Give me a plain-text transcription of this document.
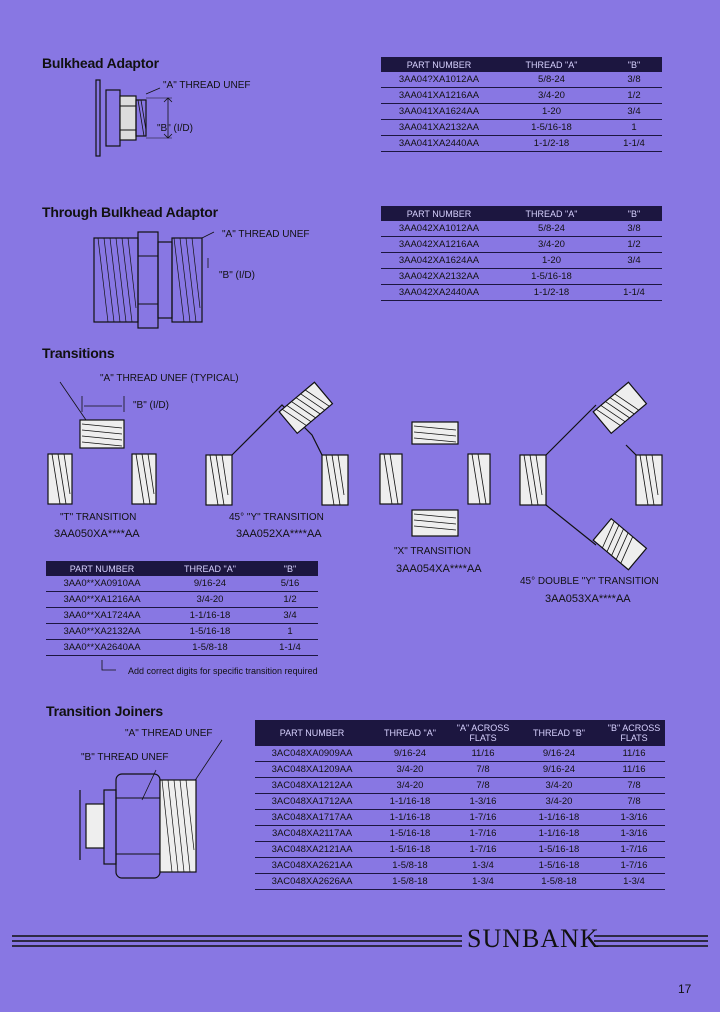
Bulkhead Adaptor
"A" THREAD UNEF
"B" (I/D)
PART NUMBER	THREAD "A"	"B"
3AA04?XA1012AA	5/8-24	3/8
3AA041XA1216AA	3/4-20	1/2
3AA041XA1624AA	1-20	3/4
3AA041XA2132AA	1-5/16-18	1
3AA041XA2440AA	1-1/2-18	1-1/4
Through Bulkhead Adaptor
"A" THREAD UNEF
"B" (I/D)
PART NUMBER	THREAD "A"	"B"
3AA042XA1012AA	5/8-24	3/8
3AA042XA1216AA	3/4-20	1/2
3AA042XA1624AA	1-20	3/4
3AA042XA2132AA	1-5/16-18	
3AA042XA2440AA	1-1/2-18	1-1/4
Transitions
"A" THREAD UNEF (TYPICAL)
"B" (I/D)
"T" TRANSITION
3AA050XA****AA
45° "Y" TRANSITION
3AA052XA****AA
"X" TRANSITION
3AA054XA****AA
45° DOUBLE "Y" TRANSITION
3AA053XA****AA
PART NUMBER	THREAD "A"	"B"
3AA0**XA0910AA	9/16-24	5/16
3AA0**XA1216AA	3/4-20	1/2
3AA0**XA1724AA	1-1/16-18	3/4
3AA0**XA2132AA	1-5/16-18	1
3AA0**XA2640AA	1-5/8-18	1-1/4
Add correct digits for specific transition required
Transition Joiners
"A" THREAD UNEF
"B" THREAD UNEF
PART NUMBER	THREAD "A"	"A" ACROSS FLATS	THREAD "B"	"B" ACROSS FLATS
3AC048XA0909AA	9/16-24	11/16	9/16-24	11/16
3AC048XA1209AA	3/4-20	7/8	9/16-24	11/16
3AC048XA1212AA	3/4-20	7/8	3/4-20	7/8
3AC048XA1712AA	1-1/16-18	1-3/16	3/4-20	7/8
3AC048XA1717AA	1-1/16-18	1-7/16	1-1/16-18	1-3/16
3AC048XA2117AA	1-5/16-18	1-7/16	1-1/16-18	1-3/16
3AC048XA2121AA	1-5/16-18	1-7/16	1-5/16-18	1-7/16
3AC048XA2621AA	1-5/8-18	1-3/4	1-5/16-18	1-7/16
3AC048XA2626AA	1-5/8-18	1-3/4	1-5/8-18	1-3/4
SUNBANK
17
